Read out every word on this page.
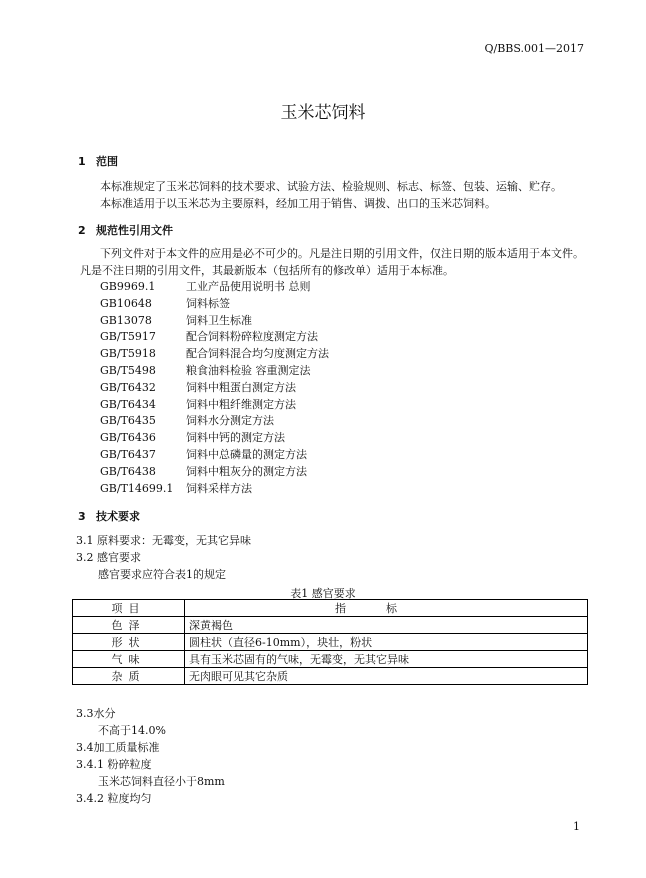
Q/BBS.001—2017
玉米芯饲料
1 范围
本标准规定了玉米芯饲料的技术要求、试验方法、检验规则、标志、标签、包装、运输、贮存。
本标准适用于以玉米芯为主要原料，经加工用于销售、调拨、出口的玉米芯饲料。
2 规范性引用文件
下列文件对于本文件的应用是必不可少的。凡是注日期的引用文件，仅注日期的版本适用于本文件。凡是不注日期的引用文件，其最新版本（包括所有的修改单）适用于本标准。
GB9969.1	工业产品使用说明书 总则
GB10648	饲料标签
GB13078	饲料卫生标准
GB/T5917	配合饲料粉碎粒度测定方法
GB/T5918	配合饲料混合均匀度测定方法
GB/T5498	粮食油料检验 容重测定法
GB/T6432	饲料中粗蛋白测定方法
GB/T6434	饲料中粗纤维测定方法
GB/T6435	饲料水分测定方法
GB/T6436	饲料中钙的测定方法
GB/T6437	饲料中总磷量的测定方法
GB/T6438	饲料中粗灰分的测定方法
GB/T14699.1	饲料采样方法
3 技术要求
3.1 原料要求：无霉变，无其它异味
3.2 感官要求
感官要求应符合表1的规定
表1 感官要求
项目	指标
色泽	深黄褐色
形状	圆柱状（直径6-10mm），块壮，粉状
气味	具有玉米芯固有的气味，无霉变，无其它异味
杂质	无肉眼可见其它杂质
3.3水分
不高于14.0%
3.4加工质量标准
3.4.1 粉碎粒度
玉米芯饲料直径小于8mm
3.4.2 粒度均匀
1
